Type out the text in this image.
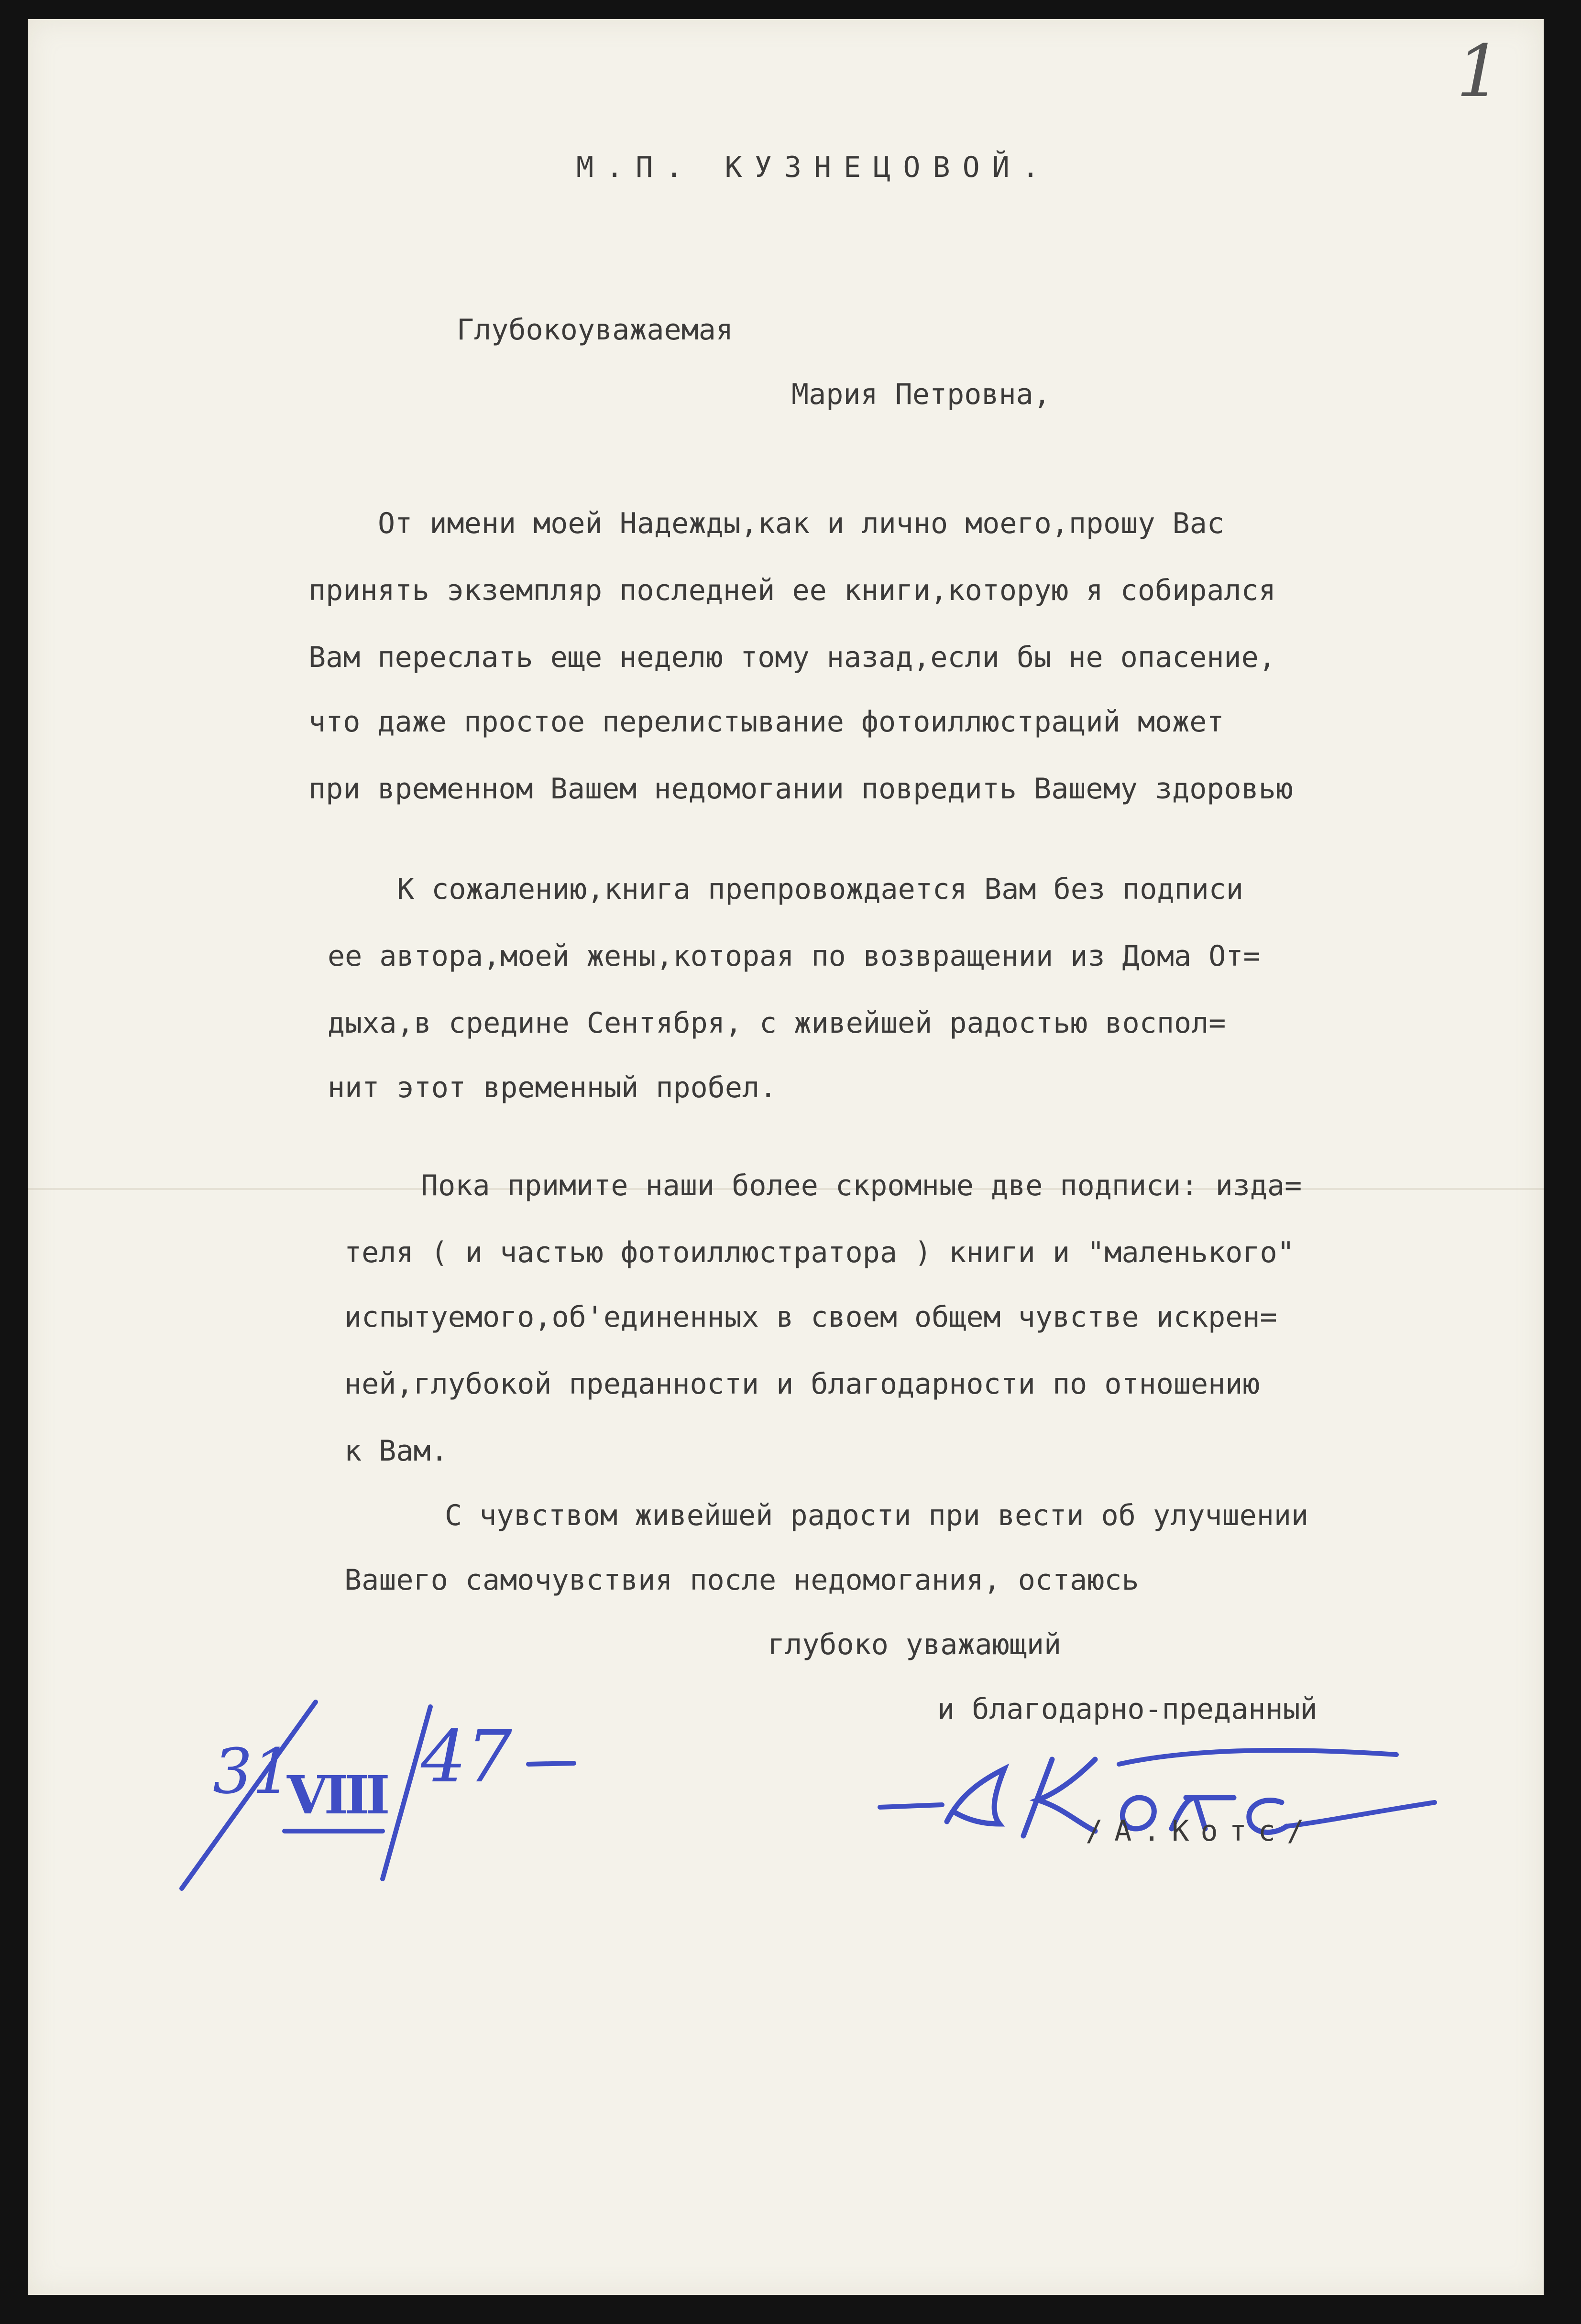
1
М.П. КУЗНЕЦОВОЙ.
Глубокоуважаемая
Мария Петровна,
От имени моей Надежды,как и лично моего,прошу Вас
принять экземпляр последней ее книги,которую я собирался
Вам переслать еще неделю тому назад,если бы не опасение,
что даже простое перелистывание фотоиллюстраций может
при временном Вашем недомогании повредить Вашему здоровью
К сожалению,книга препровождается Вам без подписи
ее автора,моей жены,которая по возвращении из Дома От=
дыха,в средине Сентября, с живейшей радостью воспол=
нит этот временный пробел.
Пока примите наши более скромные две подписи: изда=
теля ( и частью фотоиллюстратора ) книги и "маленького"
испытуемого,об'единенных в своем общем чувстве искрен=
ней,глубокой преданности и благодарности по отношению
к Вам.
С чувством живейшей радости при вести об улучшении
Вашего самочувствия после недомогания, остаюсь
глубоко уважающий
и благодарно-преданный
31
VIII 47
/А.Котс/
